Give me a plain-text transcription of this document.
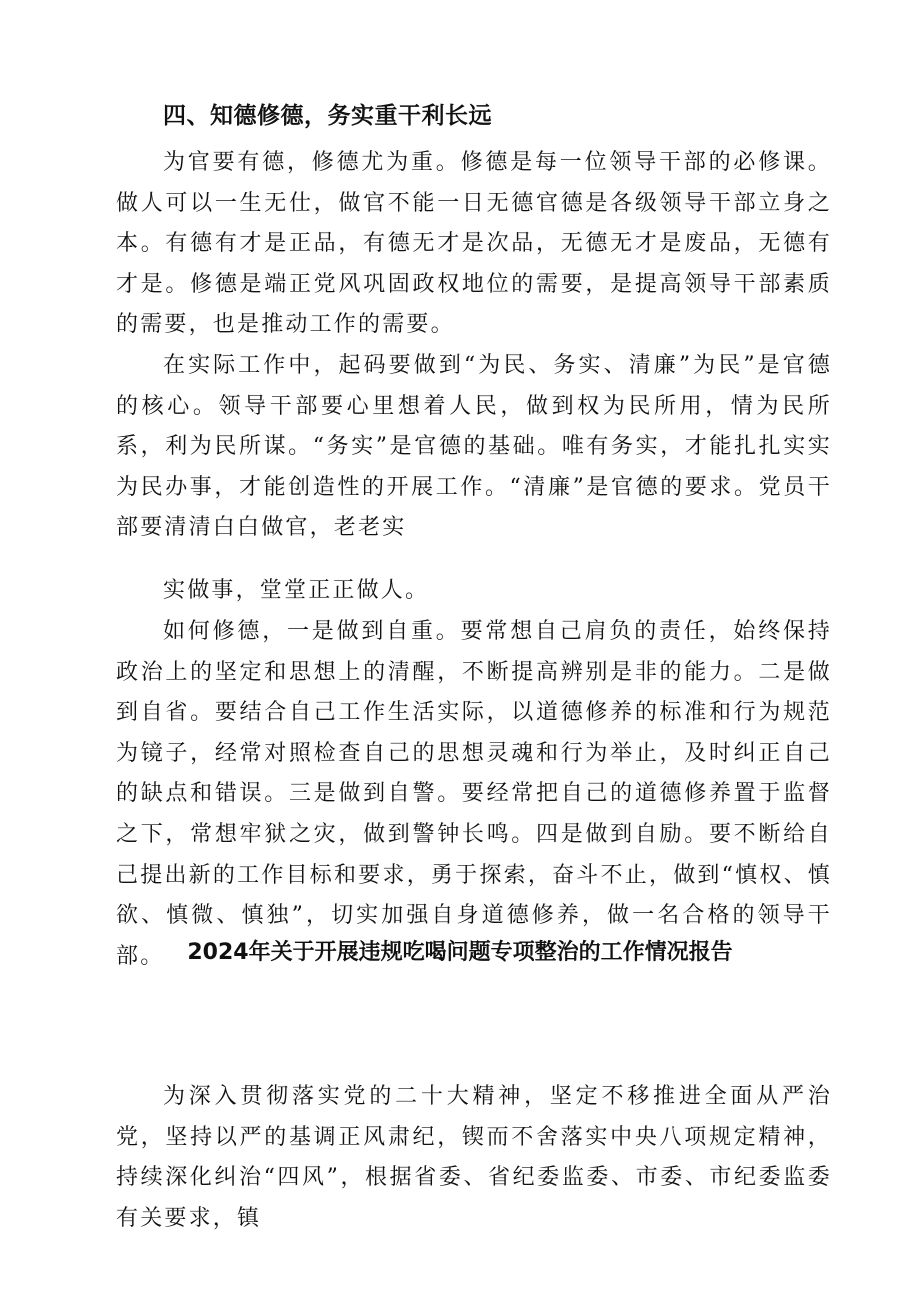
四、知德修德，务实重干利长远

为官要有德，修德尤为重。修德是每一位领导干部的必修课。做人可以一生无仕，做官不能一日无德官德是各级领导干部立身之本。有德有才是正品，有德无才是次品，无德无才是废品，无德有才是。修德是端正党风巩固政权地位的需要，是提高领导干部素质的需要，也是推动工作的需要。

在实际工作中，起码要做到“为民、务实、清廉”为民”是官德的核心。领导干部要心里想着人民，做到权为民所用，情为民所系，利为民所谋。“务实”是官德的基础。唯有务实，才能扎扎实实为民办事，才能创造性的开展工作。“清廉”是官德的要求。党员干部要清清白白做官，老老实

实做事，堂堂正正做人。

如何修德，一是做到自重。要常想自己肩负的责任，始终保持政治上的坚定和思想上的清醒，不断提高辨别是非的能力。二是做到自省。要结合自己工作生活实际，以道德修养的标准和行为规范为镜子，经常对照检查自己的思想灵魂和行为举止，及时纠正自己的缺点和错误。三是做到自警。要经常把自己的道德修养置于监督之下，常想牢狱之灾，做到警钟长鸣。四是做到自励。要不断给自己提出新的工作目标和要求，勇于探索，奋斗不止，做到“慎权、慎欲、慎微、慎独”，切实加强自身道德修养，做一名合格的领导干部。	2024年关于开展违规吃喝问题专项整治的工作情况报告

为深入贯彻落实党的二十大精神，坚定不移推进全面从严治党，坚持以严的基调正风肃纪，锲而不舍落实中央八项规定精神，持续深化纠治“四风”，根据省委、省纪委监委、市委、市纪委监委有关要求，镇
